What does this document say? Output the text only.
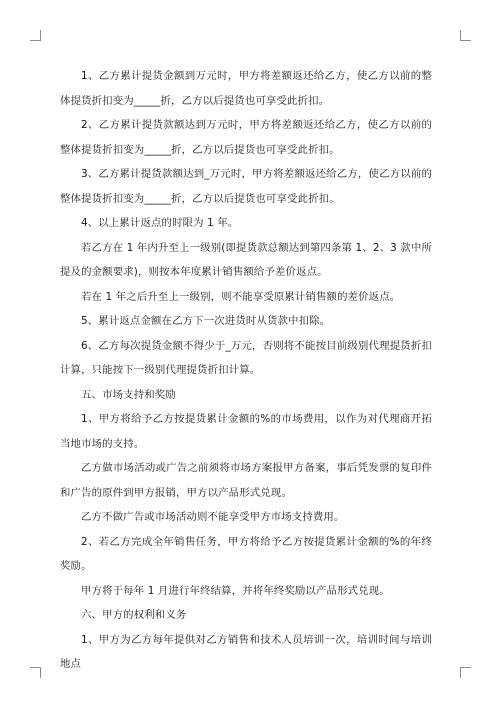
1、乙方累计提货金额到万元时，甲方将差额返还给乙方，使乙方以前的整体提货折扣变为_____折，乙方以后提货也可享受此折扣。

2、乙方累计提货款额达到万元时，甲方将差额返还给乙方，使乙方以前的整体提货折扣变为_____折，乙方以后提货也可享受此折扣。

3、乙方累计提货款额达到_万元时，甲方将差额返还给乙方，使乙方以前的整体提货折扣变为_____折，乙方以后提货也可享受此折扣。

4、以上累计返点的时限为 1 年。

若乙方在 1 年内升至上一级别(即提货款总额达到第四条第 1、2、3 款中所提及的金额要求)，则按本年度累计销售额给予差价返点。

若在 1 年之后升至上一级别，则不能享受原累计销售额的差价返点。

5、累计返点金额在乙方下一次进货时从货款中扣除。

6、乙方每次提货金额不得少于_万元，否则将不能按目前级别代理提货折扣计算，只能按下一级别代理提货折扣计算。

五、市场支持和奖励

1、甲方将给予乙方按提货累计金额的%的市场费用，以作为对代理商开拓当地市场的支持。

乙方做市场活动或广告之前须将市场方案报甲方备案，事后凭发票的复印件和广告的原件到甲方报销，甲方以产品形式兑现。

乙方不做广告或市场活动则不能享受甲方市场支持费用。

2、若乙方完成全年销售任务，甲方将给予乙方按提货累计金额的%的年终奖励。

甲方将于每年 1 月进行年终结算，并将年终奖励以产品形式兑现。

六、甲方的权利和义务

1、甲方为乙方每年提供对乙方销售和技术人员培训一次，培训时间与培训地点
